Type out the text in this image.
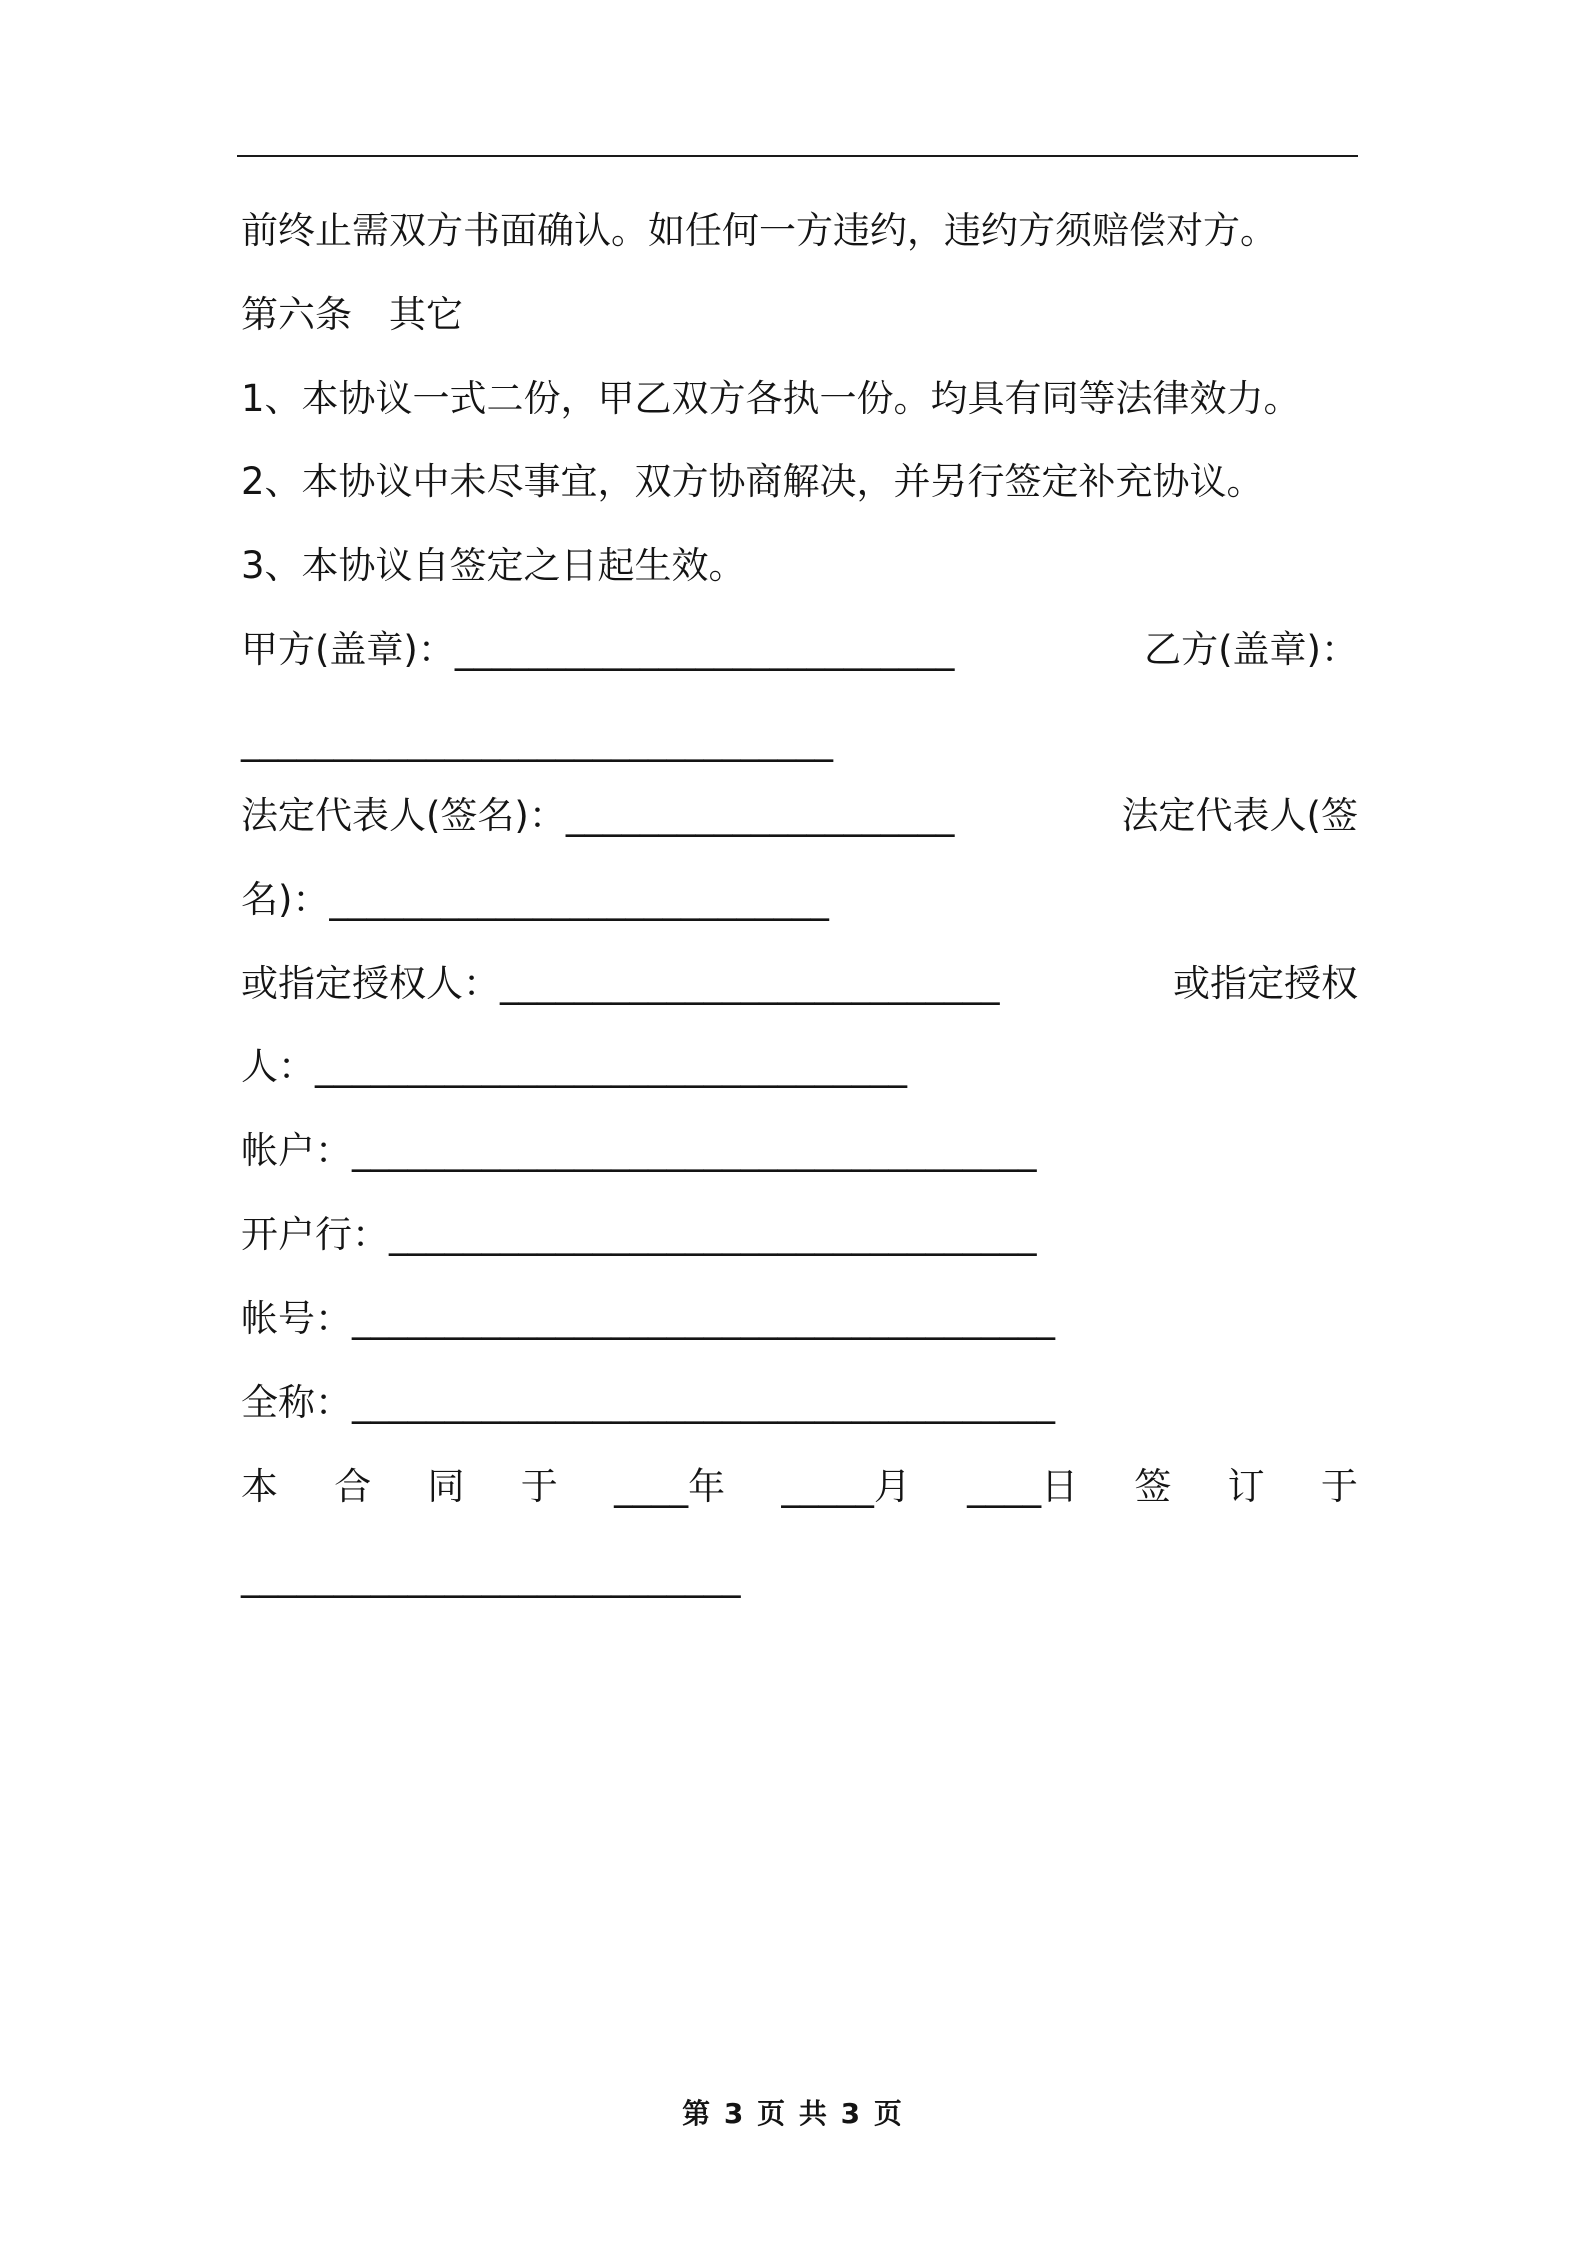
前终止需双方书面确认。如任何一方违约，违约方须赔偿对方。
第六条　其它
1、本协议一式二份，甲乙双方各执一份。均具有同等法律效力。
2、本协议中未尽事宜，双方协商解决，并另行签定补充协议。
3、本协议自签定之日起生效。
甲方(盖章)：___________________________	乙方(盖章)：
________________________________
法定代表人(签名)：_____________________	法定代表人(签
名)：___________________________
或指定授权人：___________________________	或指定授权
人：________________________________
帐户：_____________________________________
开户行：___________________________________
帐号：______________________________________
全称：______________________________________
本 合 同 于 ____年 _____月 ____日 签 订 于
___________________________
第 3 页 共 3 页
